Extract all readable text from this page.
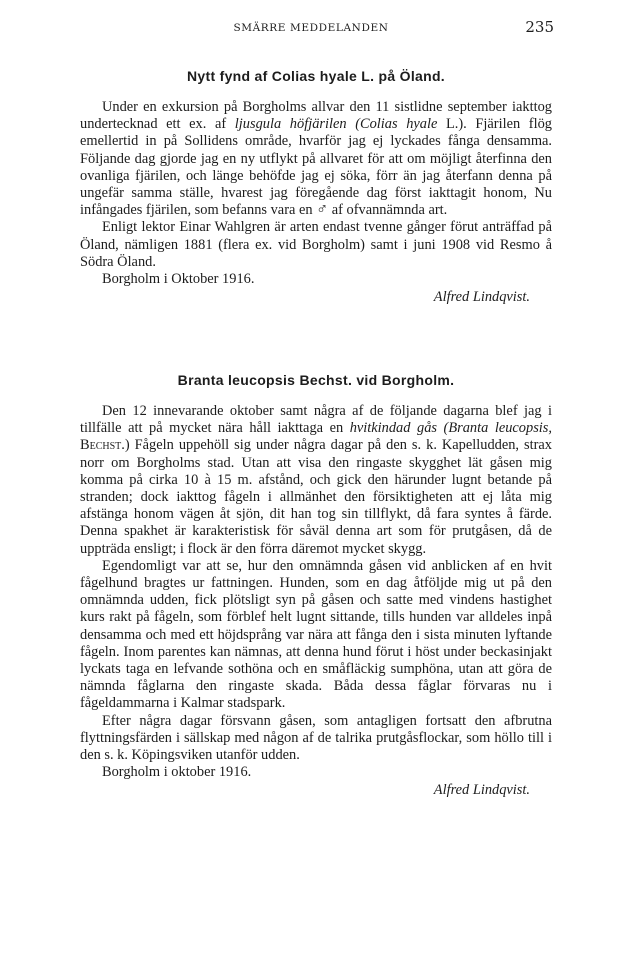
SMÄRRE MEDDELANDEN	235
Nytt fynd af Colias hyale L. på Öland.

Under en exkursion på Borgholms allvar den 11 sistlidne september iakttog undertecknad ett ex. af ljusgula höfjärilen (Colias hyale L.). Fjärilen flög emellertid in på Sollidens område, hvarför jag ej lyckades fånga densamma. Följande dag gjorde jag en ny utflykt på allvaret för att om möjligt återfinna den ovanliga fjärilen, och länge behöfde jag ej söka, förr än jag återfann denna på ungefär samma ställe, hvarest jag föregående dag först iakttagit honom, Nu infångades fjärilen, som befanns vara en ♂ af ofvannämnda art.

Enligt lektor Einar Wahlgren är arten endast tvenne gånger förut anträffad på Öland, nämligen 1881 (flera ex. vid Borgholm) samt i juni 1908 vid Resmo å Södra Öland.

Borgholm i Oktober 1916.

Alfred Lindqvist.

Branta leucopsis Bechst. vid Borgholm.

Den 12 innevarande oktober samt några af de följande dagarna blef jag i tillfälle att på mycket nära håll iakttaga en hvitkindad gås (Branta leucopsis, Bechst.) Fågeln uppehöll sig under några dagar på den s. k. Kapelludden, strax norr om Borgholms stad. Utan att visa den ringaste skygghet lät gåsen mig komma på cirka 10 à 15 m. afstånd, och gick den härunder lugnt betande på stranden; dock iakttog fågeln i allmänhet den försiktigheten att ej låta mig afstänga honom vägen åt sjön, dit han tog sin tillflykt, då fara syntes å färde. Denna spakhet är karakteristisk för såväl denna art som för prutgåsen, då de uppträda ensligt; i flock är den förra däremot mycket skygg.

Egendomligt var att se, hur den omnämnda gåsen vid anblicken af en hvit fågelhund bragtes ur fattningen. Hunden, som en dag åtföljde mig ut på den omnämnda udden, fick plötsligt syn på gåsen och satte med vindens hastighet kurs rakt på fågeln, som förblef helt lugnt sittande, tills hunden var alldeles inpå densamma och med ett höjdsprång var nära att fånga den i sista minuten lyftande fågeln. Inom parentes kan nämnas, att denna hund förut i höst under beckasinjakt lyckats taga en lefvande sothöna och en småfläckig sumphöna, utan att göra de nämnda fåglarna den ringaste skada. Båda dessa fåglar förvaras nu i fågeldammarna i Kalmar stadspark.

Efter några dagar försvann gåsen, som antagligen fortsatt den afbrutna flyttningsfärden i sällskap med någon af de talrika prutgåsflockar, som höllo till i den s. k. Köpingsviken utanför udden.

Borgholm i oktober 1916.

Alfred Lindqvist.
